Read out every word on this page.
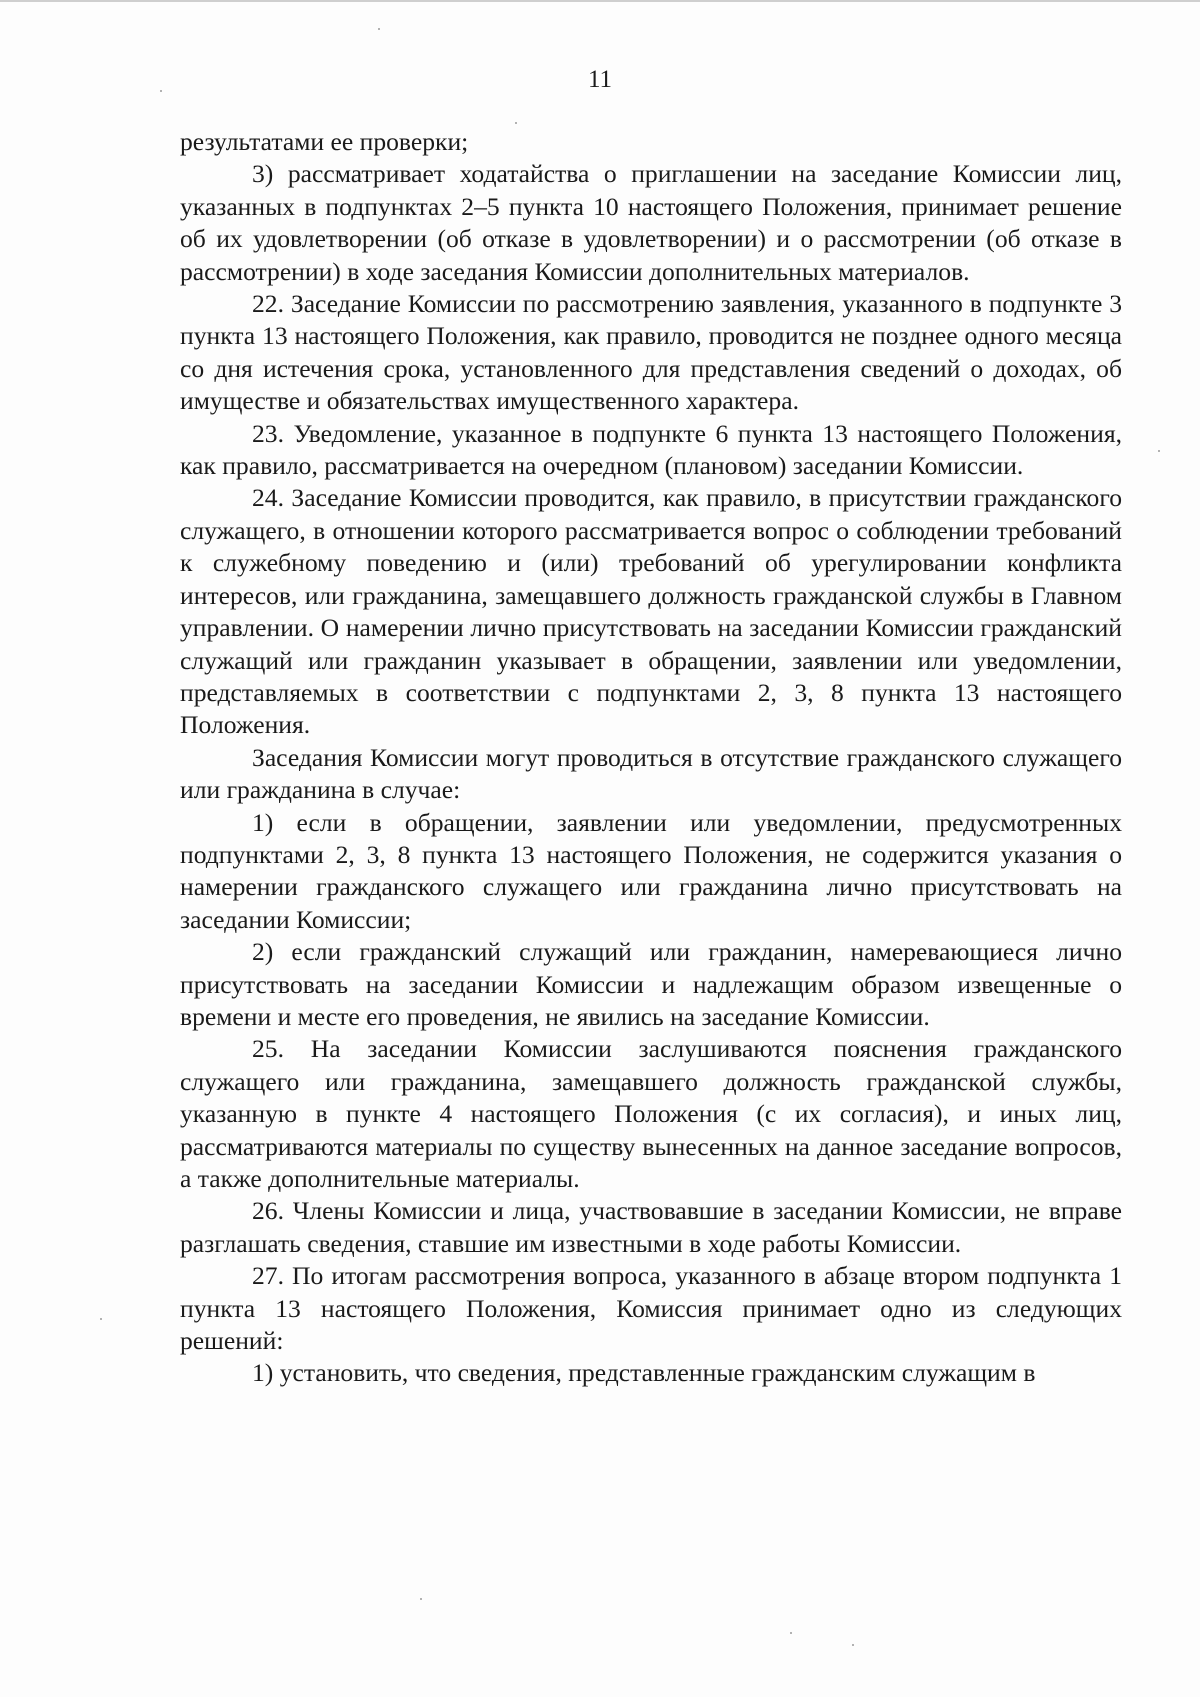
11

результатами ее проверки;

3) рассматривает ходатайства о приглашении на заседание Комиссии лиц, указанных в подпунктах 2–5 пункта 10 настоящего Положения, принимает решение об их удовлетворении (об отказе в удовлетворении) и о рассмотрении (об отказе в рассмотрении) в ходе заседания Комиссии дополнительных материалов.

22. Заседание Комиссии по рассмотрению заявления, указанного в подпункте 3 пункта 13 настоящего Положения, как правило, проводится не позднее одного месяца со дня истечения срока, установленного для представления сведений о доходах, об имуществе и обязательствах имущественного характера.

23. Уведомление, указанное в подпункте 6 пункта 13 настоящего Положения, как правило, рассматривается на очередном (плановом) заседании Комиссии.

24. Заседание Комиссии проводится, как правило, в присутствии гражданского служащего, в отношении которого рассматривается вопрос о соблюдении требований к служебному поведению и (или) требований об урегулировании конфликта интересов, или гражданина, замещавшего должность гражданской службы в Главном управлении. О намерении лично присутствовать на заседании Комиссии гражданский служащий или гражданин указывает в обращении, заявлении или уведомлении, представляемых в соответствии с подпунктами 2, 3, 8 пункта 13 настоящего Положения.

Заседания Комиссии могут проводиться в отсутствие гражданского служащего или гражданина в случае:

1) если в обращении, заявлении или уведомлении, предусмотренных подпунктами 2, 3, 8 пункта 13 настоящего Положения, не содержится указания о намерении гражданского служащего или гражданина лично присутствовать на заседании Комиссии;

2) если гражданский служащий или гражданин, намеревающиеся лично присутствовать на заседании Комиссии и надлежащим образом извещенные о времени и месте его проведения, не явились на заседание Комиссии.

25. На заседании Комиссии заслушиваются пояснения гражданского служащего или гражданина, замещавшего должность гражданской службы, указанную в пункте 4 настоящего Положения (с их согласия), и иных лиц, рассматриваются материалы по существу вынесенных на данное заседание вопросов, а также дополнительные материалы.

26. Члены Комиссии и лица, участвовавшие в заседании Комиссии, не вправе разглашать сведения, ставшие им известными в ходе работы Комиссии.

27. По итогам рассмотрения вопроса, указанного в абзаце втором подпункта 1 пункта 13 настоящего Положения, Комиссия принимает одно из следующих решений:

1) установить, что сведения, представленные гражданским служащим в
